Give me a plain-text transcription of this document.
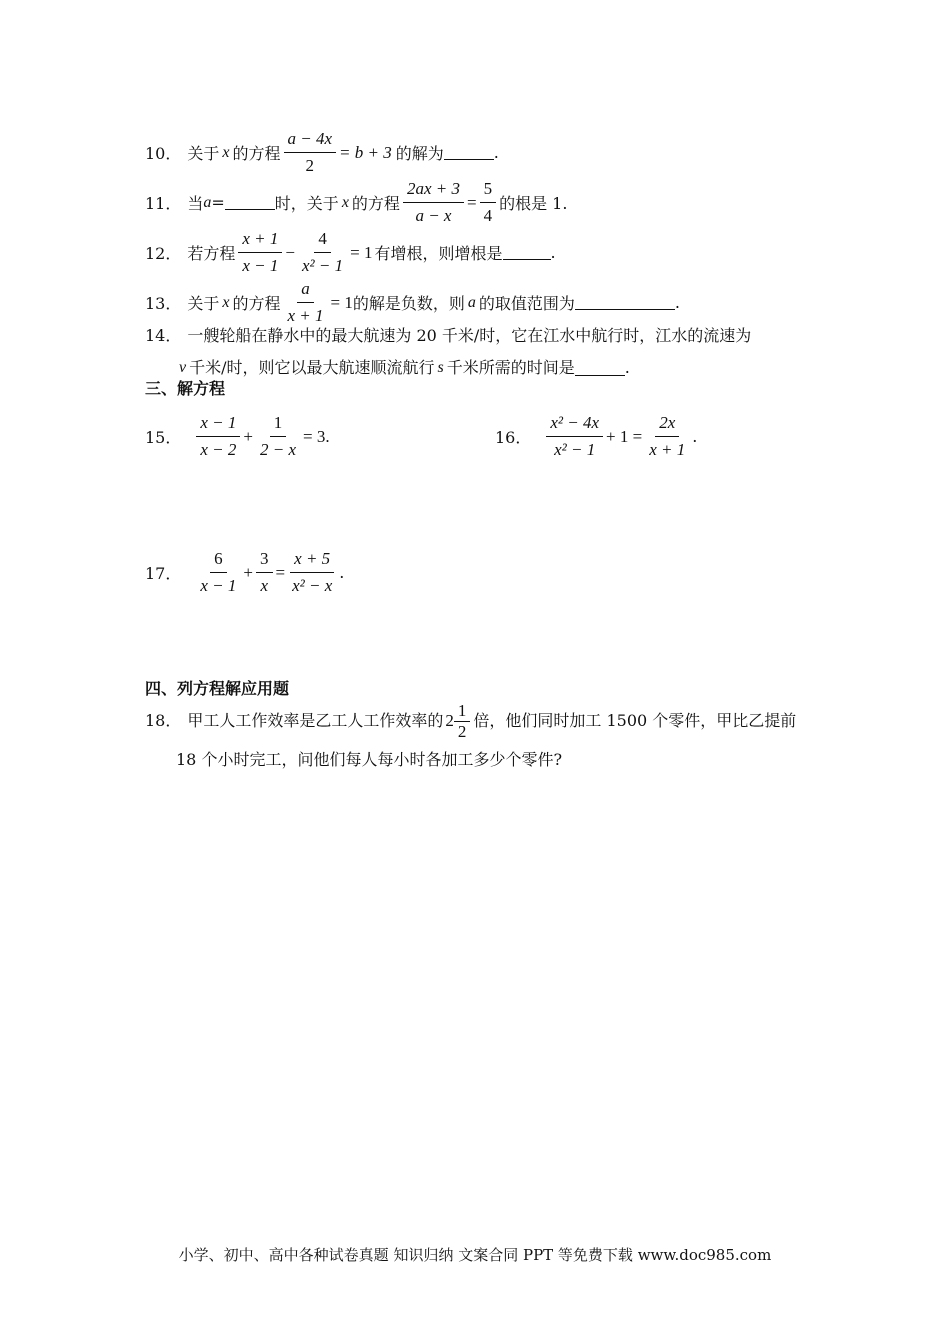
10． 关于 x 的方程 $\frac{a - 4x}{2} = b + 3$ 的解为	.
11． 当 a =	时，关于 x 的方程 $\frac{2ax + 3}{a - x} = \frac{5}{4}$ 的根是 1.
12． 若方程 $\frac{x + 1}{x - 1} - \frac{4}{\text{x² − 1}} = 1$ 有增根，则增根是	.
13． 关于 x 的方程 $\frac{a}{x + 1} = 1$ 的解是负数，则 a 的取值范围为	.
14． 一艘轮船在静水中的最大航速为 20 千米/时，它在江水中航行时，江水的流速为
v 千米/时，则它以最大航速顺流航行 s 千米所需的时间是	.
三、解方程
15． $\frac{x - 1}{x - 2} + \frac{1}{2 - x} = 3$.	16． $\frac{\text{x² − 4x}}{\text{x² − 1}} + 1 = \frac{2x}{x + 1}$ .
17． $\frac{6}{x - 1} + \frac{3}{x} = \frac{x + 5}{\text{x² − x}}$ .
四、列方程解应用题
18． 甲工人工作效率是乙工人工作效率的 $2 \frac{1}{2}$ 倍，他们同时加工 1500 个零件，甲比乙提前
18 个小时完工，问他们每人每小时各加工多少个零件?
小学、初中、高中各种试卷真题 知识归纳 文案合同 PPT 等免费下载 www.doc985.com
